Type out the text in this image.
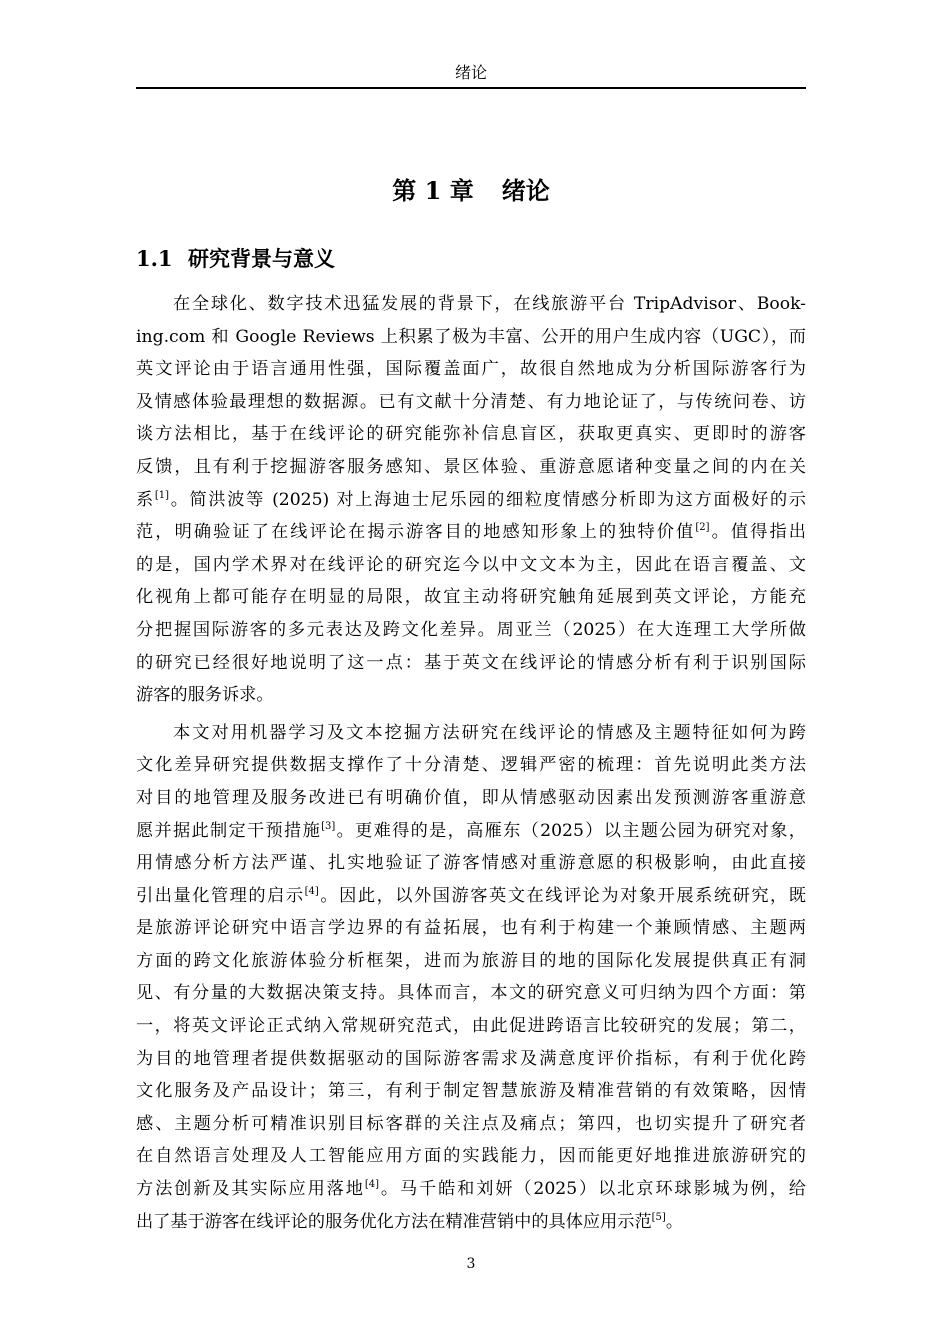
绪论
第 1 章 绪论
1.1 研究背景与意义
在全球化、数字技术迅猛发展的背景下，在线旅游平台 TripAdvisor、Book-
ing.com 和 Google Reviews 上积累了极为丰富、公开的用户生成内容（UGC），而
英文评论由于语言通用性强，国际覆盖面广，故很自然地成为分析国际游客行为
及情感体验最理想的数据源。已有文献十分清楚、有力地论证了，与传统问卷、访
谈方法相比，基于在线评论的研究能弥补信息盲区，获取更真实、更即时的游客
反馈，且有利于挖掘游客服务感知、景区体验、重游意愿诸种变量之间的内在关
系[1]。简洪波等 (2025) 对上海迪士尼乐园的细粒度情感分析即为这方面极好的示
范，明确验证了在线评论在揭示游客目的地感知形象上的独特价值[2]。值得指出
的是，国内学术界对在线评论的研究迄今以中文文本为主，因此在语言覆盖、文
化视角上都可能存在明显的局限，故宜主动将研究触角延展到英文评论，方能充
分把握国际游客的多元表达及跨文化差异。周亚兰（2025）在大连理工大学所做
的研究已经很好地说明了这一点：基于英文在线评论的情感分析有利于识别国际
游客的服务诉求。
本文对用机器学习及文本挖掘方法研究在线评论的情感及主题特征如何为跨
文化差异研究提供数据支撑作了十分清楚、逻辑严密的梳理：首先说明此类方法
对目的地管理及服务改进已有明确价值，即从情感驱动因素出发预测游客重游意
愿并据此制定干预措施[3]。更难得的是，高雁东（2025）以主题公园为研究对象，
用情感分析方法严谨、扎实地验证了游客情感对重游意愿的积极影响，由此直接
引出量化管理的启示[4]。因此，以外国游客英文在线评论为对象开展系统研究，既
是旅游评论研究中语言学边界的有益拓展，也有利于构建一个兼顾情感、主题两
方面的跨文化旅游体验分析框架，进而为旅游目的地的国际化发展提供真正有洞
见、有分量的大数据决策支持。具体而言，本文的研究意义可归纳为四个方面：第
一，将英文评论正式纳入常规研究范式，由此促进跨语言比较研究的发展；第二，
为目的地管理者提供数据驱动的国际游客需求及满意度评价指标，有利于优化跨
文化服务及产品设计；第三，有利于制定智慧旅游及精准营销的有效策略，因情
感、主题分析可精准识别目标客群的关注点及痛点；第四，也切实提升了研究者
在自然语言处理及人工智能应用方面的实践能力，因而能更好地推进旅游研究的
方法创新及其实际应用落地[4]。马千皓和刘妍（2025）以北京环球影城为例，给
出了基于游客在线评论的服务优化方法在精准营销中的具体应用示范[5]。
3
